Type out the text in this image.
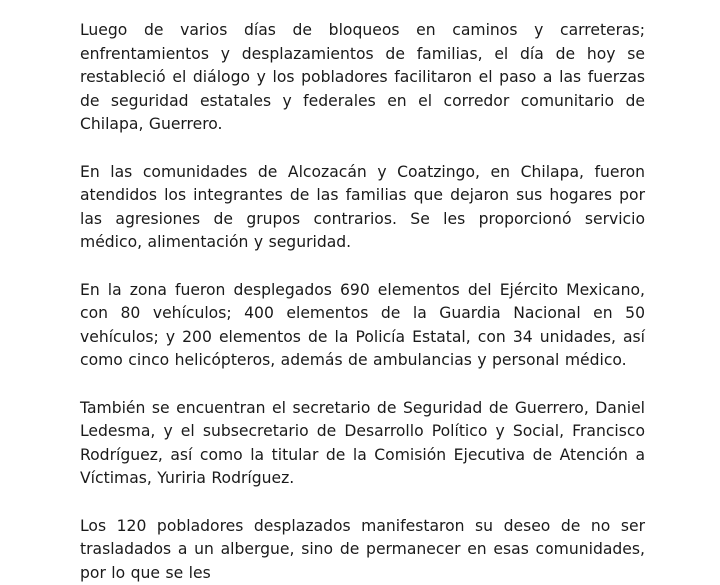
Luego de varios días de bloqueos en caminos y carreteras; enfrentamientos y desplazamientos de familias, el día de hoy se restableció el diálogo y los pobladores facilitaron el paso a las fuerzas de seguridad estatales y federales en el corredor comunitario de Chilapa, Guerrero.

En las comunidades de Alcozacán y Coatzingo, en Chilapa, fueron atendidos los integrantes de las familias que dejaron sus hogares por las agresiones de grupos contrarios. Se les proporcionó servicio médico, alimentación y seguridad.

En la zona fueron desplegados 690 elementos del Ejército Mexicano, con 80 vehículos; 400 elementos de la Guardia Nacional en 50 vehículos; y 200 elementos de la Policía Estatal, con 34 unidades, así como cinco helicópteros, además de ambulancias y personal médico.

También se encuentran el secretario de Seguridad de Guerrero, Daniel Ledesma, y el subsecretario de Desarrollo Político y Social, Francisco Rodríguez, así como la titular de la Comisión Ejecutiva de Atención a Víctimas, Yuriria Rodríguez.

Los 120 pobladores desplazados manifestaron su deseo de no ser trasladados a un albergue, sino de permanecer en esas comunidades, por lo que se les
